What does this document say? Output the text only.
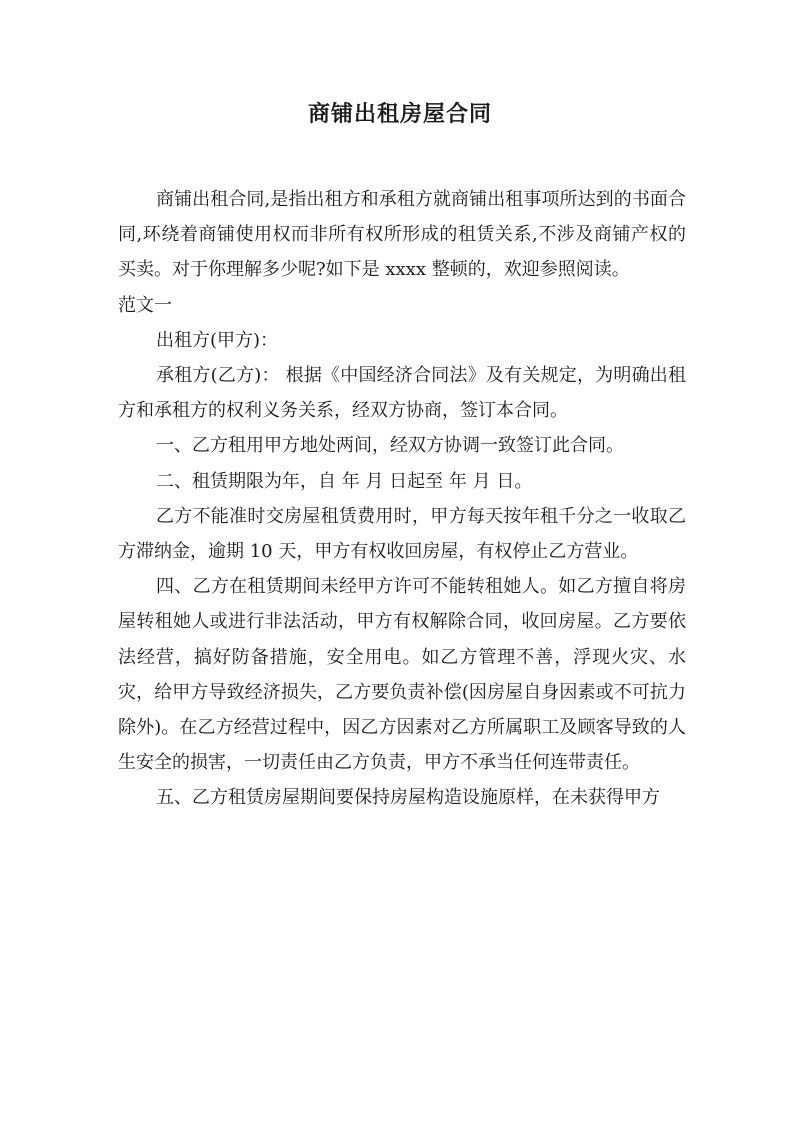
商铺出租房屋合同

商铺出租合同,是指出租方和承租方就商铺出租事项所达到的书面合同,环绕着商铺使用权而非所有权所形成的租赁关系,不涉及商铺产权的买卖。对于你理解多少呢?如下是 xxxx 整顿的，欢迎参照阅读。

范文一

出租方(甲方)：

承租方(乙方)： 根据《中国经济合同法》及有关规定，为明确出租方和承租方的权利义务关系，经双方协商，签订本合同。

一、乙方租用甲方地处两间，经双方协调一致签订此合同。

二、租赁期限为年，自 年 月 日起至 年 月 日。

乙方不能准时交房屋租赁费用时，甲方每天按年租千分之一收取乙方滞纳金，逾期 10 天，甲方有权收回房屋，有权停止乙方营业。

四、乙方在租赁期间未经甲方许可不能转租她人。如乙方擅自将房屋转租她人或进行非法活动，甲方有权解除合同，收回房屋。乙方要依法经营，搞好防备措施，安全用电。如乙方管理不善，浮现火灾、水灾，给甲方导致经济损失，乙方要负责补偿(因房屋自身因素或不可抗力除外)。在乙方经营过程中，因乙方因素对乙方所属职工及顾客导致的人生安全的损害，一切责任由乙方负责，甲方不承当任何连带责任。

五、乙方租赁房屋期间要保持房屋构造设施原样，在未获得甲方
